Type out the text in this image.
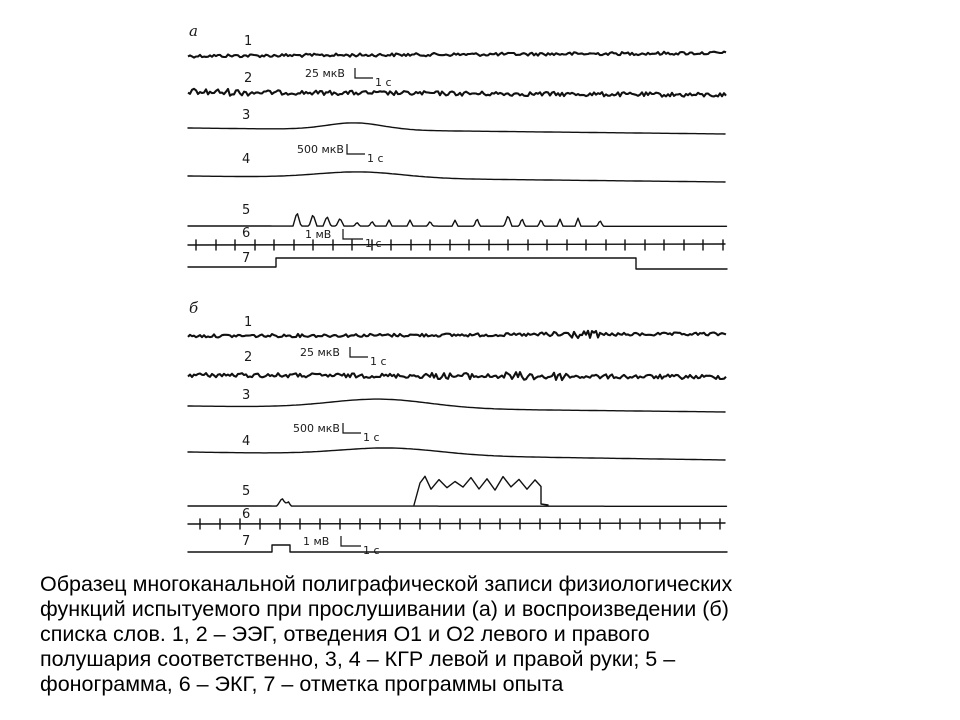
а
1
2	25 мкВ
1 с
3
4
500 мкВ
1 с
5
6	1 мВ
1 с
7
б
1
2	25 мкВ
1 с
3
4
500 мкВ
1 с
5
6
7	1 мВ
1 с
Образец многоканальной полиграфической записи физиологических
функций испытуемого при прослушивании (а) и воспроизведении (б)
списка слов. 1, 2 – ЭЭГ, отведения О1 и О2 левого и правого
полушария соответственно, 3, 4 – КГР левой и правой руки; 5 –
фонограмма, 6 – ЭКГ, 7 – отметка программы опыта
